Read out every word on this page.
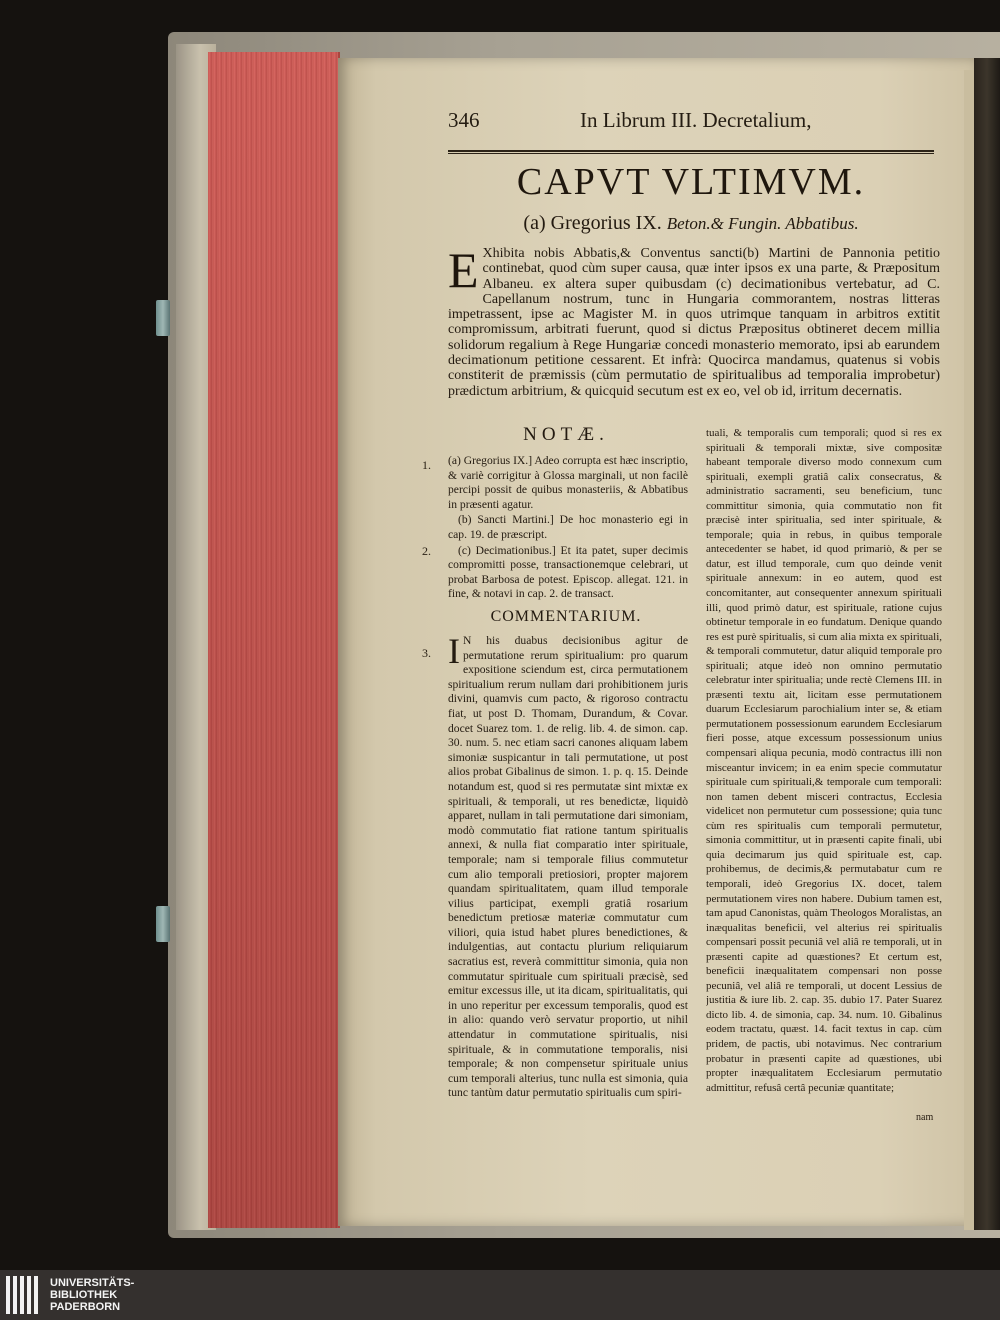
346	In Librum III. Decretalium,
CAPVT VLTIMVM.
(a) Gregorius IX. Beton.& Fungin. Abbatibus.
E Xhibita nobis Abbatis,& Conventus sancti(b) Martini de Pannonia petitio continebat, quod cùm super causa, quæ inter ipsos ex una parte, & Præpositum Albaneu. ex altera super quibusdam (c) decimationibus vertebatur, ad C. Capellanum nostrum, tunc in Hungaria commorantem, nostras litteras impetrassent, ipse ac Magister M. in quos utrimque tanquam in arbitros extitit compromissum, arbitrati fuerunt, quod si dictus Præpositus obtineret decem millia solidorum regalium à Rege Hungariæ concedi monasterio memorato, ipsi ab earundem decimationum petitione cessarent. Et infrà: Quocirca mandamus, quatenus si vobis constiterit de præmissis (cùm permutatio de spiritualibus ad temporalia improbetur) prædictum arbitrium, & quicquid secutum est ex eo, vel ob id, irritum decernatis.

1.
2.
3.
NOTÆ.

(a) Gregorius IX.] Adeo corrupta est hæc inscriptio, & variè corrigitur à Glossa marginali, ut non facilè percipi possit de quibus monasteriis, & Abbatibus in præsenti agatur.

(b) Sancti Martini.] De hoc monasterio egi in cap. 19. de præscript.

(c) Decimationibus.] Et ita patet, super decimis compromitti posse, transactionemque celebrari, ut probat Barbosa de potest. Episcop. allegat. 121. in fine, & notavi in cap. 2. de transact.

COMMENTARIUM.
I N his duabus decisionibus agitur de permutatione rerum spiritualium: pro quarum expositione sciendum est, circa permutationem spiritualium rerum nullam dari prohibitionem juris divini, quamvis cum pacto, & rigoroso contractu fiat, ut post D. Thomam, Durandum, & Covar. docet Suarez tom. 1. de relig. lib. 4. de simon. cap. 30. num. 5. nec etiam sacri canones aliquam labem simoniæ suspicantur in tali permutatione, ut post alios probat Gibalinus de simon. 1. p. q. 15. Deinde notandum est, quod si res permutatæ sint mixtæ ex spirituali, & temporali, ut res benedictæ, liquidò apparet, nullam in tali permutatione dari simoniam, modò commutatio fiat ratione tantum spiritualis annexi, & nulla fiat comparatio inter spirituale, temporale; nam si temporale filius commutetur cum alio temporali pretiosiori, propter majorem quandam spiritualitatem, quam illud temporale vilius participat, exempli gratiâ rosarium benedictum pretiosæ materiæ commutatur cum viliori, quia istud habet plures benedictiones, & indulgentias, aut contactu plurium reliquiarum sacratius est, reverà committitur simonia, quia non commutatur spirituale cum spirituali præcisè, sed emitur excessus ille, ut ita dicam, spiritualitatis, qui in uno reperitur per excessum temporalis, quod est in alio: quando verò servatur proportio, ut nihil attendatur in commutatione spiritualis, nisi spirituale, & in commutatione temporalis, nisi temporale; & non compensetur spirituale unius cum temporali alterius, tunc nulla est simonia, quia tunc tantùm datur permutatio spiritualis cum spiri-
tuali, & temporalis cum temporali; quod si res ex spirituali & temporali mixtæ, sive compositæ habeant temporale diverso modo connexum cum spirituali, exempli gratiâ calix consecratus, & administratio sacramenti, seu beneficium, tunc committitur simonia, quia commutatio non fit præcisè inter spiritualia, sed inter spirituale, & temporale; quia in rebus, in quibus temporale antecedenter se habet, id quod primariò, & per se datur, est illud temporale, cum quo deinde venit spirituale annexum: in eo autem, quod est concomitanter, aut consequenter annexum spirituali illi, quod primò datur, est spirituale, ratione cujus obtinetur temporale in eo fundatum. Denique quando res est purè spiritualis, si cum alia mixta ex spirituali, & temporali commutetur, datur aliquid temporale pro spirituali; atque ideò non omnino permutatio celebratur inter spiritualia; unde rectè Clemens III. in præsenti textu ait, licitam esse permutationem duarum Ecclesiarum parochialium inter se, & etiam permutationem possessionum earundem Ecclesiarum fieri posse, atque excessum possessionum unius compensari aliqua pecunia, modò contractus illi non misceantur invicem; in ea enim specie commutatur spirituale cum spirituali,& temporale cum temporali: non tamen debent misceri contractus, Ecclesia videlicet non permutetur cum possessione; quia tunc cùm res spiritualis cum temporali permutetur, simonia committitur, ut in præsenti capite finali, ubi quia decimarum jus quid spirituale est, cap. prohibemus, de decimis,& permutabatur cum re temporali, ideò Gregorius IX. docet, talem permutationem vires non habere. Dubium tamen est, tam apud Canonistas, quàm Theologos Moralistas, an inæqualitas beneficii, vel alterius rei spiritualis compensari possit pecuniâ vel aliâ re temporali, ut in præsenti capite ad quæstiones? Et certum est, beneficii inæqualitatem compensari non posse pecuniâ, vel aliâ re temporali, ut docent Lessius de justitia & iure lib. 2. cap. 35. dubio 17. Pater Suarez dicto lib. 4. de simonia, cap. 34. num. 10. Gibalinus eodem tractatu, quæst. 14. facit textus in cap. cùm pridem, de pactis, ubi notavimus. Nec contrarium probatur in præsenti capite ad quæstiones, ubi propter inæqualitatem Ecclesiarum permutatio admittitur, refusâ certâ pecuniæ quantitate;
nam
UNIVERSITÄTS-
BIBLIOTHEK
PADERBORN
